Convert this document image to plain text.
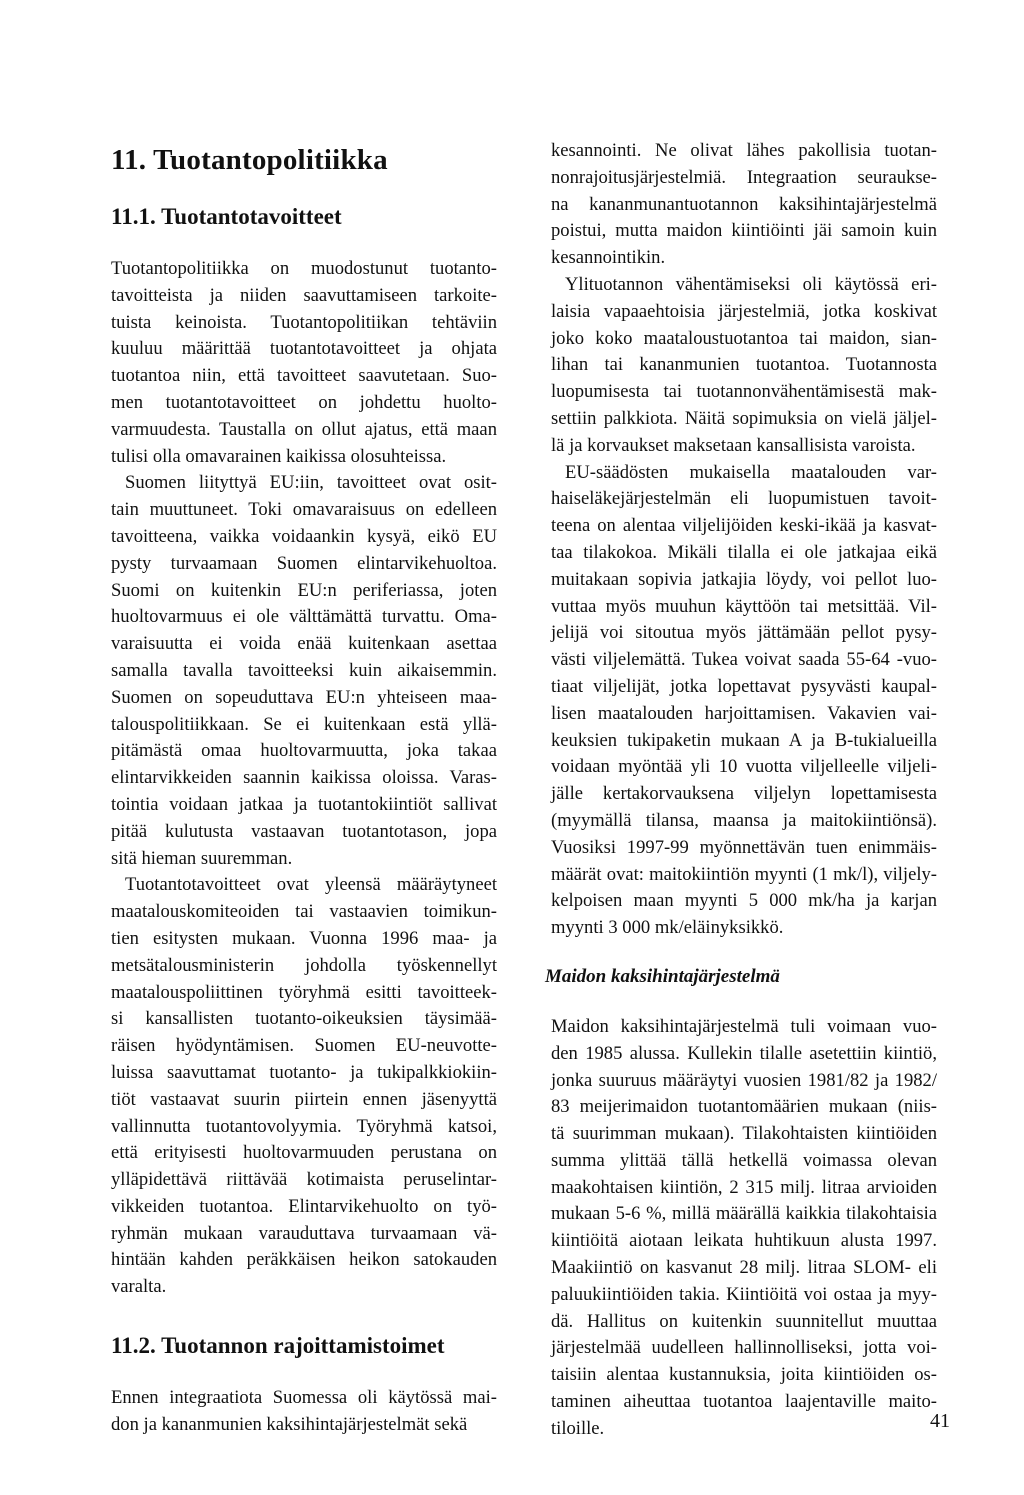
11. Tuotantopolitiikka
11.1. Tuotantotavoitteet
Tuotantopolitiikka on muodostunut tuotanto-
tavoitteista ja niiden saavuttamiseen tarkoite-
tuista keinoista. Tuotantopolitiikan tehtäviin
kuuluu määrittää tuotantotavoitteet ja ohjata
tuotantoa niin, että tavoitteet saavutetaan. Suo-
men tuotantotavoitteet on johdettu huolto-
varmuudesta. Taustalla on ollut ajatus, että maan
tulisi olla omavarainen kaikissa olosuhteissa.
Suomen liityttyä EU:iin, tavoitteet ovat osit-
tain muuttuneet. Toki omavaraisuus on edelleen
tavoitteena, vaikka voidaankin kysyä, eikö EU
pysty turvaamaan Suomen elintarvikehuoltoa.
Suomi on kuitenkin EU:n periferiassa, joten
huoltovarmuus ei ole välttämättä turvattu. Oma-
varaisuutta ei voida enää kuitenkaan asettaa
samalla tavalla tavoitteeksi kuin aikaisemmin.
Suomen on sopeuduttava EU:n yhteiseen maa-
talouspolitiikkaan. Se ei kuitenkaan estä yllä-
pitämästä omaa huoltovarmuutta, joka takaa
elintarvikkeiden saannin kaikissa oloissa. Varas-
tointia voidaan jatkaa ja tuotantokiintiöt sallivat
pitää kulutusta vastaavan tuotantotason, jopa
sitä hieman suuremman.
Tuotantotavoitteet ovat yleensä määräytyneet
maatalouskomiteoiden tai vastaavien toimikun-
tien esitysten mukaan. Vuonna 1996 maa- ja
metsätalousministerin johdolla työskennellyt
maatalouspoliittinen työryhmä esitti tavoitteek-
si kansallisten tuotanto-oikeuksien täysimää-
räisen hyödyntämisen. Suomen EU-neuvotte-
luissa saavuttamat tuotanto- ja tukipalkkiokiin-
tiöt vastaavat suurin piirtein ennen jäsenyyttä
vallinnutta tuotantovolyymia. Työryhmä katsoi,
että erityisesti huoltovarmuuden perustana on
ylläpidettävä riittävää kotimaista peruselintar-
vikkeiden tuotantoa. Elintarvikehuolto on työ-
ryhmän mukaan varauduttava turvaamaan vä-
hintään kahden peräkkäisen heikon satokauden
varalta.
11.2. Tuotannon rajoittamistoimet
Ennen integraatiota Suomessa oli käytössä mai-
don ja kananmunien kaksihintajärjestelmät sekä
kesannointi. Ne olivat lähes pakollisia tuotan-
nonrajoitusjärjestelmiä. Integraation seurauksе-
na kananmunantuotannon kaksihintajärjestelmä
poistui, mutta maidon kiintiöinti jäi samoin kuin
kesannointikin.
Ylituotannon vähentämiseksi oli käytössä eri-
laisia vapaaehtoisia järjestelmiä, jotka koskivat
joko koko maataloustuotantoa tai maidon, sian-
lihan tai kananmunien tuotantoa. Tuotannosta
luopumisesta tai tuotannonvähentämisestä mak-
settiin palkkiota. Näitä sopimuksia on vielä jäljel-
lä ja korvaukset maksetaan kansallisista varoista.
EU-säädösten mukaisella maatalouden var-
haiseläkejärjestelmän eli luopumistuen tavoit-
teena on alentaa viljelijöiden keski-ikää ja kasvat-
taa tilakokoa. Mikäli tilalla ei ole jatkajaa eikä
muitakaan sopivia jatkajia löydy, voi pellot luo-
vuttaa myös muuhun käyttöön tai metsittää. Vil-
jelijä voi sitoutua myös jättämään pellot pysy-
västi viljelemättä. Tukea voivat saada 55-64 -vuo-
tiaat viljelijät, jotka lopettavat pysyvästi kaupal-
lisen maatalouden harjoittamisen. Vakavien vai-
keuksien tukipaketin mukaan A ja B-tukialueilla
voidaan myöntää yli 10 vuotta viljelleelle viljeli-
jälle kertakorvauksena viljelyn lopettamisesta
(myymällä tilansa, maansa ja maitokiintiönsä).
Vuosiksi 1997-99 myönnettävän tuen enimmäis-
määrät ovat: maitokiintiön myynti (1 mk/l), viljely-
kelpoisen maan myynti 5 000 mk/ha ja karjan
myynti 3 000 mk/eläinyksikkö.
Maidon kaksihintajärjestelmä
Maidon kaksihintajärjestelmä tuli voimaan vuo-
den 1985 alussa. Kullekin tilalle asetettiin kiintiö,
jonka suuruus määräytyi vuosien 1981/82 ja 1982/
83 meijerimaidon tuotantomäärien mukaan (niis-
tä suurimman mukaan). Tilakohtaisten kiintiöiden
summa ylittää tällä hetkellä voimassa olevan
maakohtaisen kiintiön, 2 315 milj. litraa arvioiden
mukaan 5-6 %, millä määrällä kaikkia tilakohtaisia
kiintiöitä aiotaan leikata huhtikuun alusta 1997.
Maakiintiö on kasvanut 28 milj. litraa SLOM- eli
paluukiintiöiden takia. Kiintiöitä voi ostaa ja myy-
dä. Hallitus on kuitenkin suunnitellut muuttaa
järjestelmää uudelleen hallinnolliseksi, jotta voi-
taisiin alentaa kustannuksia, joita kiintiöiden os-
taminen aiheuttaa tuotantoa laajentaville maito-
tiloille.	41
